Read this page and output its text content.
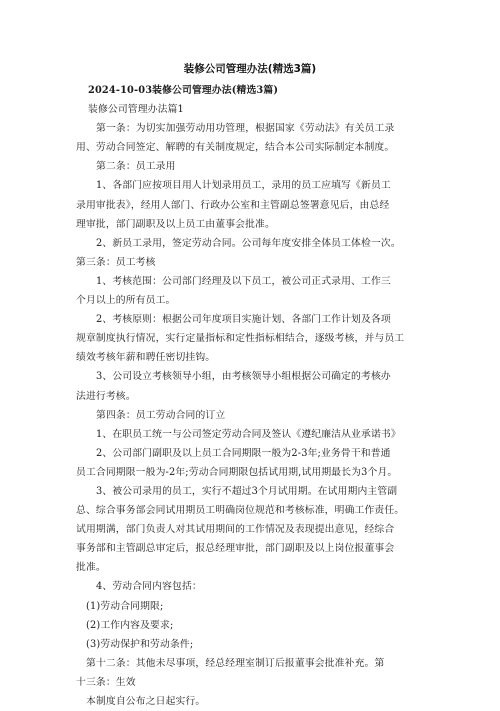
装修公司管理办法(精选3篇)
2024-10-03装修公司管理办法(精选3篇)
装修公司管理办法篇1
第一条：为切实加强劳动用功管理，根据国家《劳动法》有关员工录
用、劳动合同签定、解聘的有关制度规定，结合本公司实际制定本制度。
第二条：员工录用
1、各部门应按项目用人计划录用员工，录用的员工应填写《新员工
录用审批表》，经用人部门、行政办公室和主管副总签署意见后，由总经
理审批，部门副职及以上员工由董事会批准。
2、新员工录用，签定劳动合同。公司每年度安排全体员工体检一次。
第三条：员工考核
1、考核范围：公司部门经理及以下员工，被公司正式录用、工作三
个月以上的所有员工。
2、考核原则：根据公司年度项目实施计划、各部门工作计划及各项
规章制度执行情况，实行定量指标和定性指标相结合，逐级考核，并与员工
绩效考核年薪和聘任密切挂钩。
3、公司设立考核领导小组，由考核领导小组根据公司确定的考核办
法进行考核。
第四条：员工劳动合同的订立
1、在职员工统一与公司签定劳动合同及签认《遵纪廉洁从业承诺书》
2、公司部门副职及以上员工合同期限一般为2-3年;业务骨干和普通
员工合同期限一般为-2年;劳动合同期限包括试用期,试用期最长为3个月。
3、被公司录用的员工，实行不超过3个月试用期。在试用期内主管副
总、综合事务部会同试用期员工明确岗位规范和考核标准，明确工作责任。
试用期满，部门负责人对其试用期间的工作情况及表现提出意见，经综合
事务部和主管副总审定后，报总经理审批，部门副职及以上岗位报董事会
批准。
4、劳动合同内容包括：
(1)劳动合同期限;
(2)工作内容及要求;
(3)劳动保护和劳动条件;
第十二条：其他未尽事项，经总经理室制订后报董事会批准补充。第
十三条：生效
本制度自公布之日起实行。
